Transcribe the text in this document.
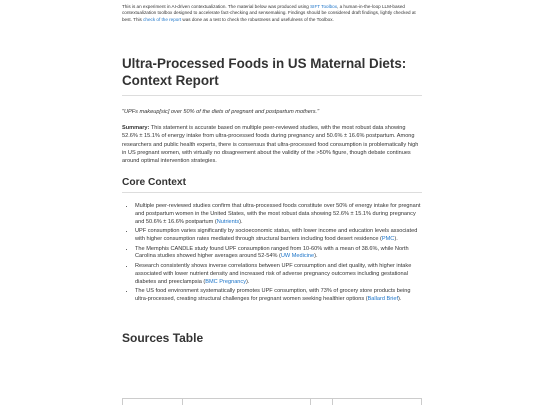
This is an experiment in AI-driven contextualization. The material below was produced using SIFT Toolbox, a human-in-the-loop LLM-based contextualization toolbox designed to accelerate fact-checking and sensemaking. Findings should be considered draft findings, lightly checked at best. This check of the report was done as a test to check the robustness and usefulness of the Toolbox.
Ultra-Processed Foods in US Maternal Diets: Context Report
"UPFs makeup[sic] over 50% of the diets of pregnant and postpartum mothers."
Summary: This statement is accurate based on multiple peer-reviewed studies, with the most robust data showing 52.6% ± 15.1% of energy intake from ultra-processed foods during pregnancy and 50.6% ± 16.6% postpartum. Among researchers and public health experts, there is consensus that ultra-processed food consumption is problematically high in US pregnant women, with virtually no disagreement about the validity of the >50% figure, though debate continues around optimal intervention strategies.
Core Context
• Multiple peer-reviewed studies confirm that ultra-processed foods constitute over 50% of energy intake for pregnant and postpartum women in the United States, with the most robust data showing 52.6% ± 15.1% during pregnancy and 50.6% ± 16.6% postpartum (Nutrients).
• UPF consumption varies significantly by socioeconomic status, with lower income and education levels associated with higher consumption rates mediated through structural barriers including food desert residence (PMC).
• The Memphis CANDLE study found UPF consumption ranged from 10-60% with a mean of 38.6%, while North Carolina studies showed higher averages around 52-54% (UW Medicine).
• Research consistently shows inverse correlations between UPF consumption and diet quality, with higher intake associated with lower nutrient density and increased risk of adverse pregnancy outcomes including gestational diabetes and preeclampsia (BMC Pregnancy).
• The US food environment systematically promotes UPF consumption, with 73% of grocery store products being ultra-processed, creating structural challenges for pregnant women seeking healthier options (Ballard Brief).
Sources Table
